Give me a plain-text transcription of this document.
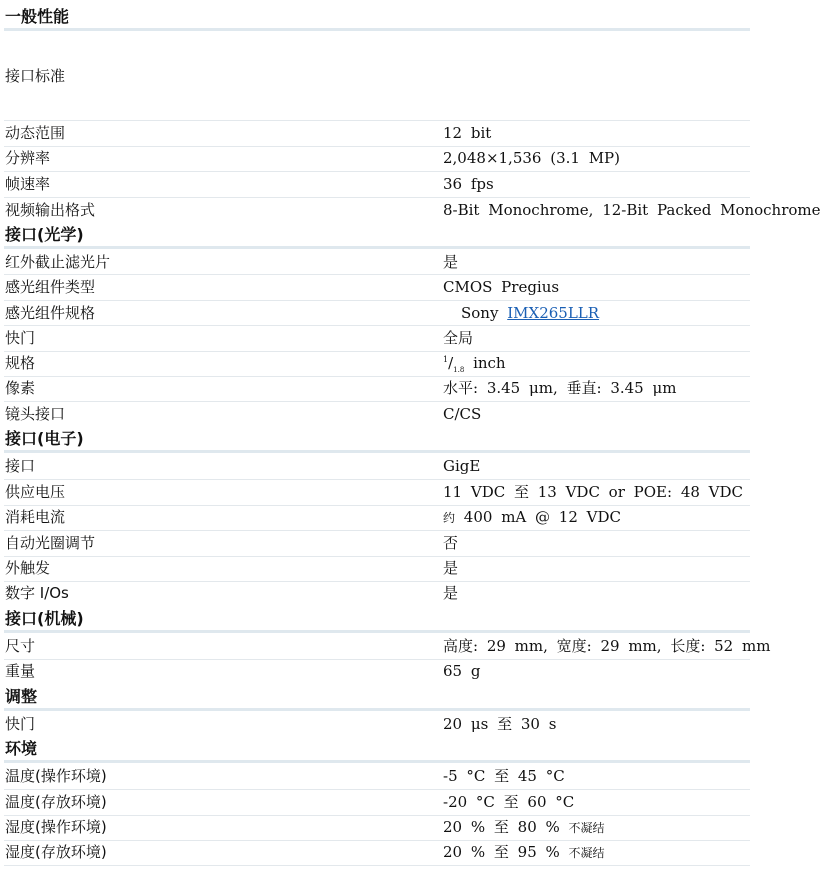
一般性能
接口标准
动态范围	12 bit
分辨率	2,048×1,536 (3.1 MP)
帧速率	36 fps
视频输出格式	8-Bit Monochrome, 12-Bit Packed Monochrome
接口(光学)
红外截止滤光片	是
感光组件类型	CMOS Pregius
感光组件规格	Sony IMX265LLR
快门	全局
规格	$^1/_{1.8}$ inch
像素	水平: 3.45 μm, 垂直: 3.45 μm
镜头接口	C/CS
接口(电子)
接口	GigE
供应电压	11 VDC 至 13 VDC or POE: 48 VDC
消耗电流	约 400 mA @ 12 VDC
自动光圈调节	否
外触发	是
数字 I/Os	是
接口(机械)
尺寸	高度: 29 mm, 宽度: 29 mm, 长度: 52 mm
重量	65 g
调整
快门	20 μs 至 30 s
环境
温度(操作环境)	-5 °C 至 45 °C
温度(存放环境)	-20 °C 至 60 °C
湿度(操作环境)	20 % 至 80 % 不凝结
湿度(存放环境)	20 % 至 95 % 不凝结
